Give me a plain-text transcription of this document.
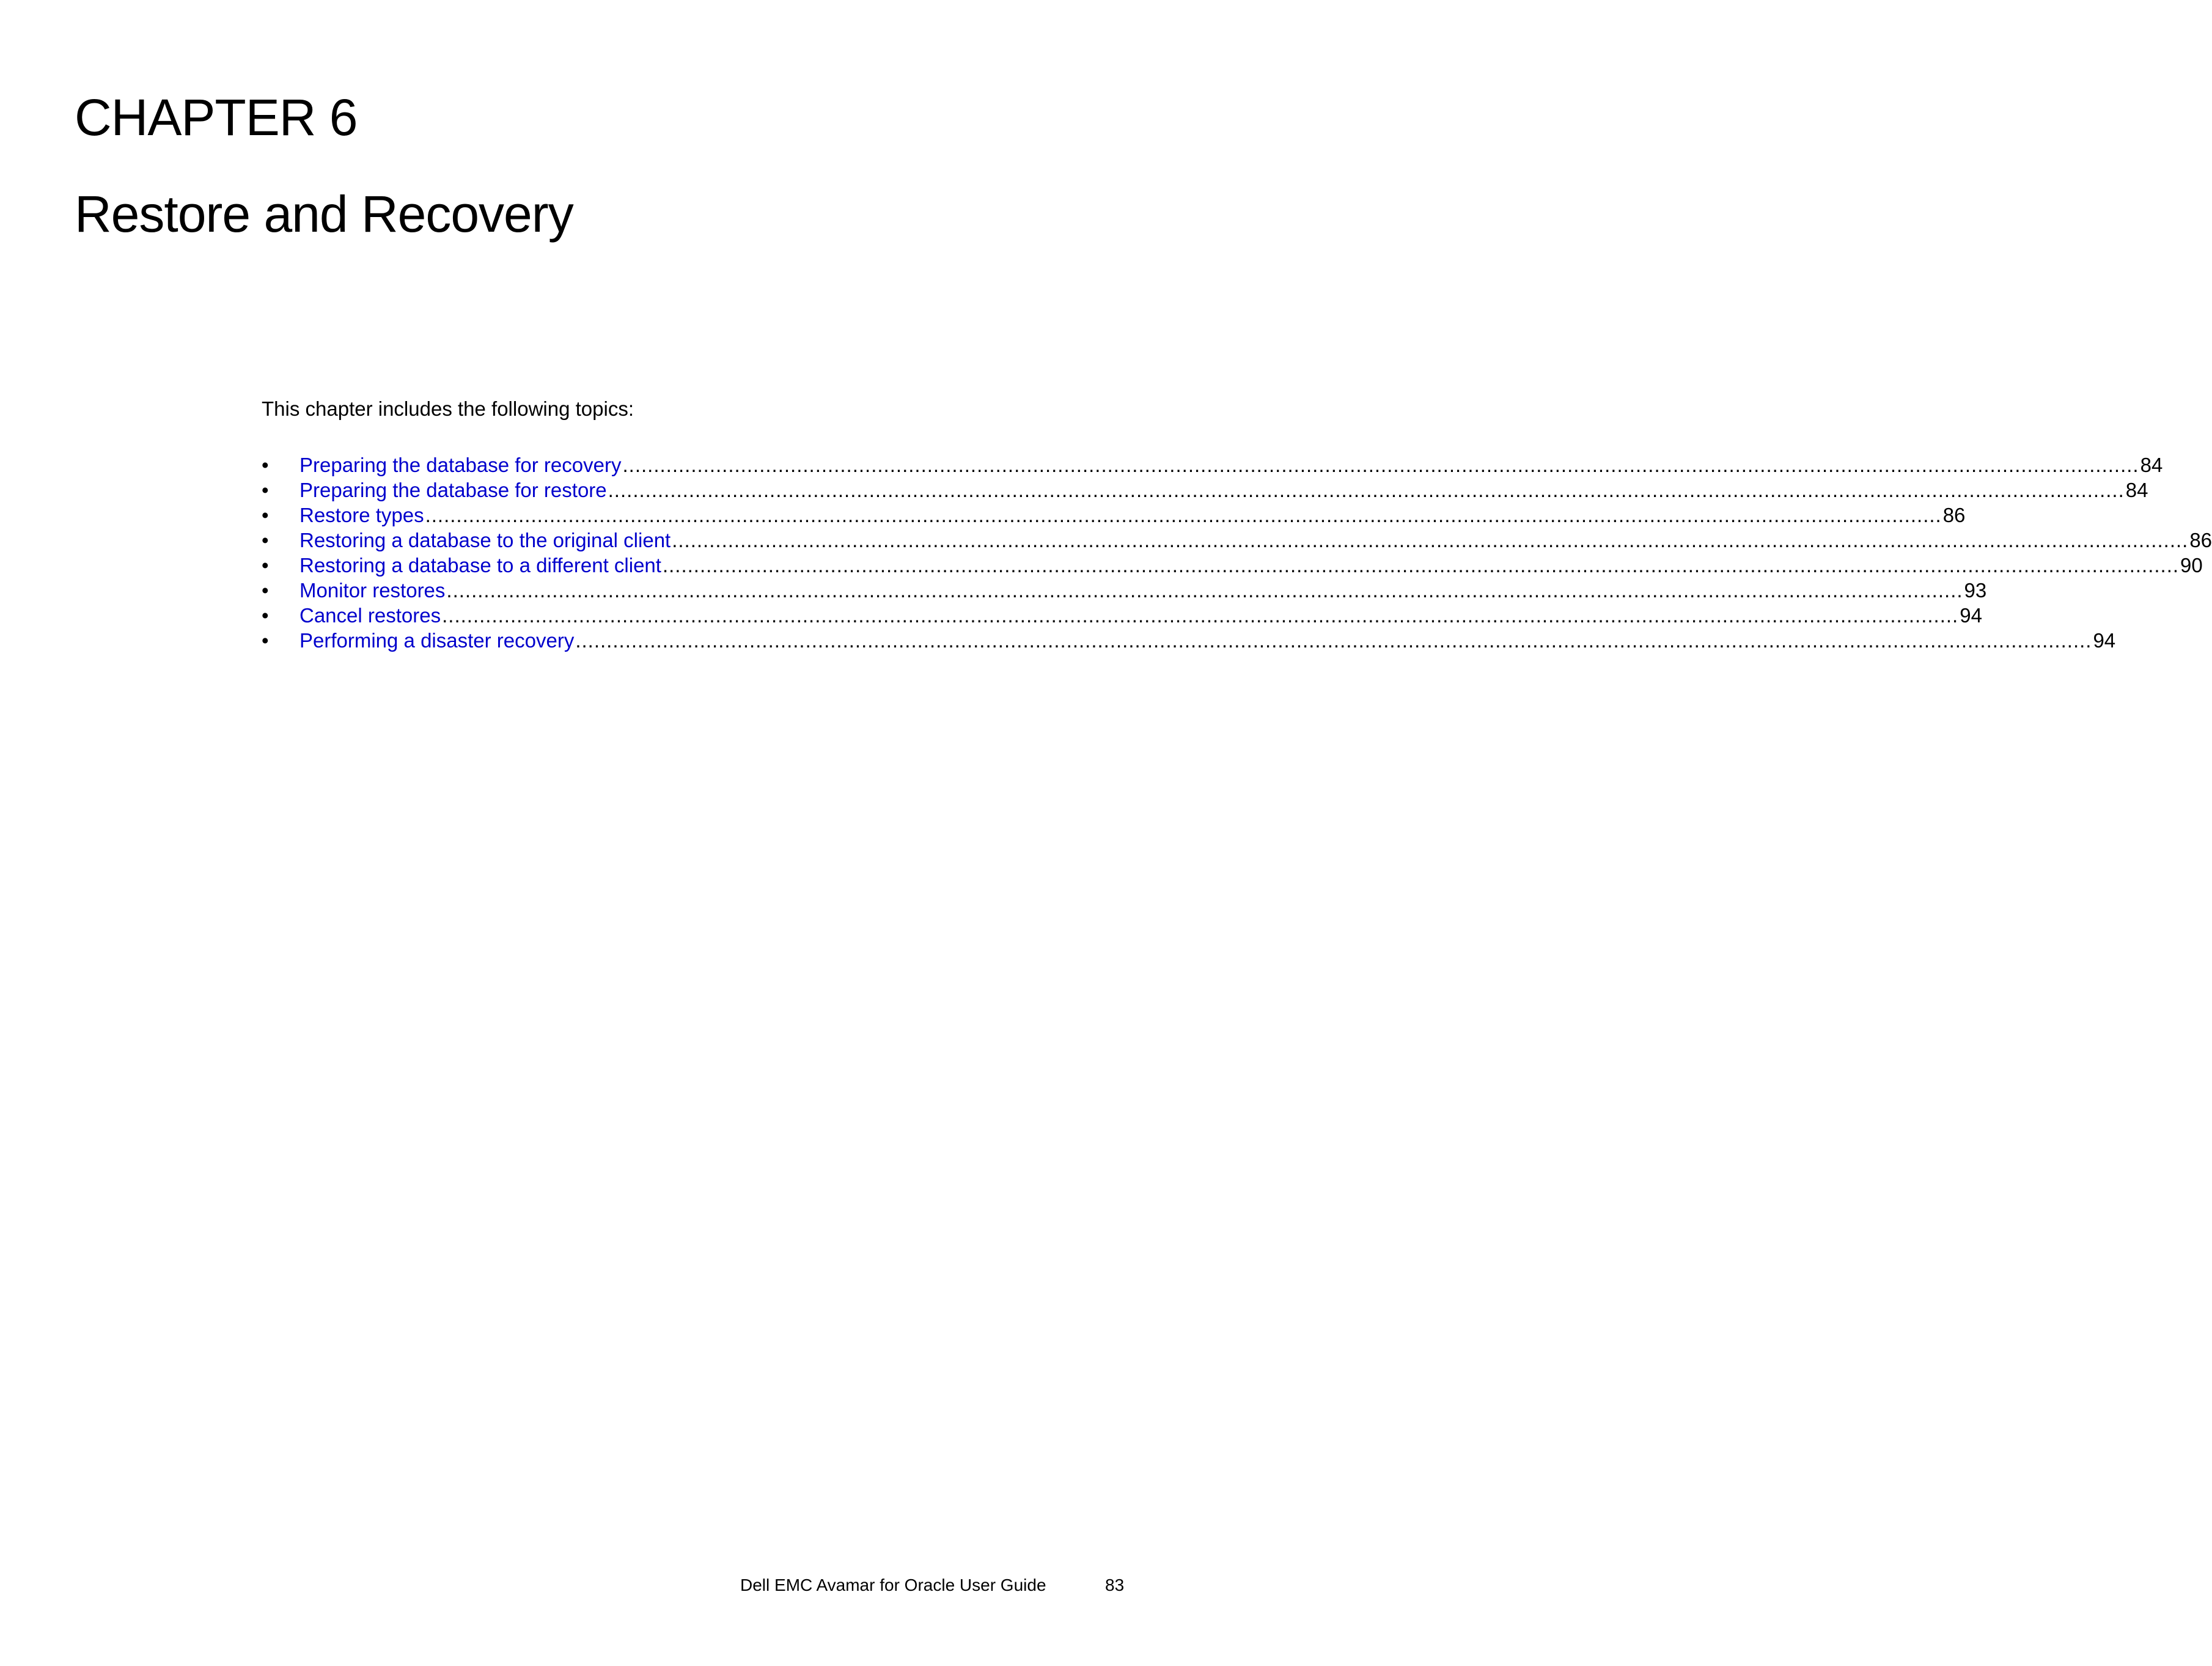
CHAPTER 6
Restore and Recovery

This chapter includes the following topics:

•	Preparing the database for recovery .................................................................................................................................................................................................................................................... 84
•	Preparing the database for restore .................................................................................................................................................................................................................................................... 84
•	Restore types .................................................................................................................................................................................................................................................... 86
•	Restoring a database to the original client .................................................................................................................................................................................................................................................... 86
•	Restoring a database to a different client .................................................................................................................................................................................................................................................... 90
•	Monitor restores .................................................................................................................................................................................................................................................... 93
•	Cancel restores .................................................................................................................................................................................................................................................... 94
•	Performing a disaster recovery .................................................................................................................................................................................................................................................... 94
Dell EMC Avamar for Oracle User Guide	83
